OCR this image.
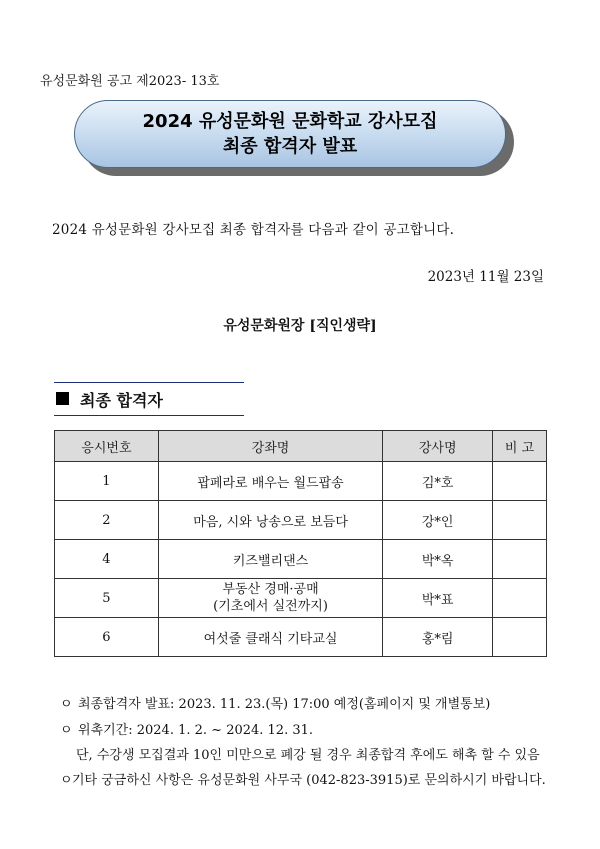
유성문화원 공고 제2023- 13호
2024 유성문화원 문화학교 강사모집
최종 합격자 발표
2024 유성문화원 강사모집 최종 합격자를 다음과 같이 공고합니다.
2023년 11월 23일
유성문화원장 [직인생략]
최종 합격자
응시번호	강좌명	강사명	비 고
1	팝페라로 배우는 월드팝송	김*호	
2	마음, 시와 낭송으로 보듬다	강*인	
4	키즈밸리댄스	박*옥	
5	부동산 경매·공매
(기초에서 실전까지)	박*표	
6	여섯줄 클래식 기타교실	홍*림	
ㅇ 최종합격자 발표: 2023. 11. 23.(목) 17:00 예정(홈페이지 및 개별통보)
ㅇ 위촉기간: 2024. 1. 2. ~ 2024. 12. 31.
단, 수강생 모집결과 10인 미만으로 폐강 될 경우 최종합격 후에도 해촉 할 수 있음
ㅇ기타 궁금하신 사항은 유성문화원 사무국 (042-823-3915)로 문의하시기 바랍니다.
